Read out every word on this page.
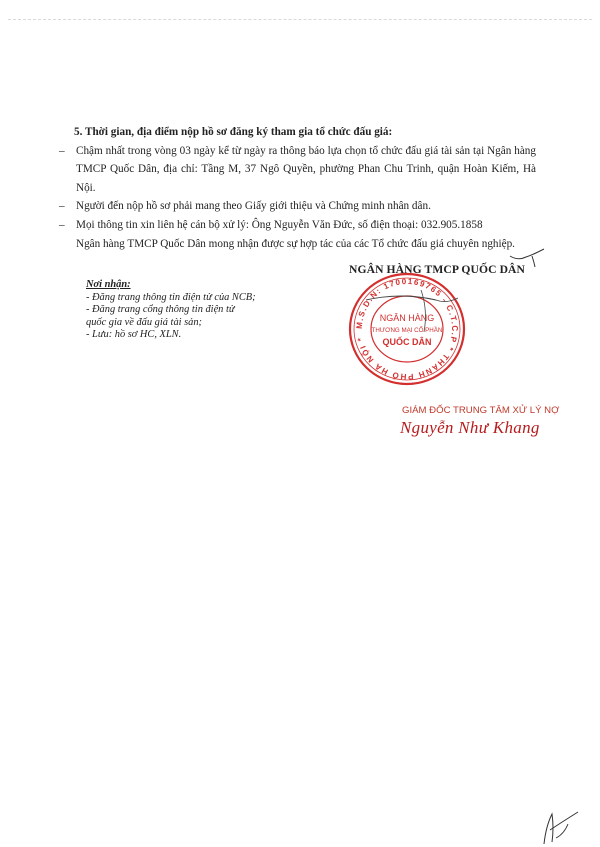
5. Thời gian, địa điểm nộp hồ sơ đăng ký tham gia tổ chức đấu giá:
– Chậm nhất trong vòng 03 ngày kể từ ngày ra thông báo lựa chọn tổ chức đấu giá tài sản tại Ngân hàng TMCP Quốc Dân, địa chỉ: Tầng M, 37 Ngô Quyền, phường Phan Chu Trinh, quận Hoàn Kiếm, Hà Nội.
– Người đến nộp hồ sơ phải mang theo Giấy giới thiệu và Chứng minh nhân dân.
– Mọi thông tin xin liên hệ cán bộ xử lý: Ông Nguyễn Văn Đức, số điện thoại: 032.905.1858
Ngân hàng TMCP Quốc Dân mong nhận được sự hợp tác của các Tổ chức đấu giá chuyên nghiệp.
Nơi nhận:
- Đăng trang thông tin điện tử của NCB;
- Đăng trang cổng thông tin điện tử quốc gia về đấu giá tài sản;
- Lưu: hồ sơ HC, XLN.
NGÂN HÀNG TMCP QUỐC DÂN
M.S.D.N: 1700169765 - C.T.C.P * THÀNH PHỐ HÀ NỘI *
NGÂN HÀNG
THƯƠNG MẠI CỔ PHẦN
QUỐC DÂN
GIÁM ĐỐC TRUNG TÂM XỬ LÝ NỢ
Nguyễn Như Khang
